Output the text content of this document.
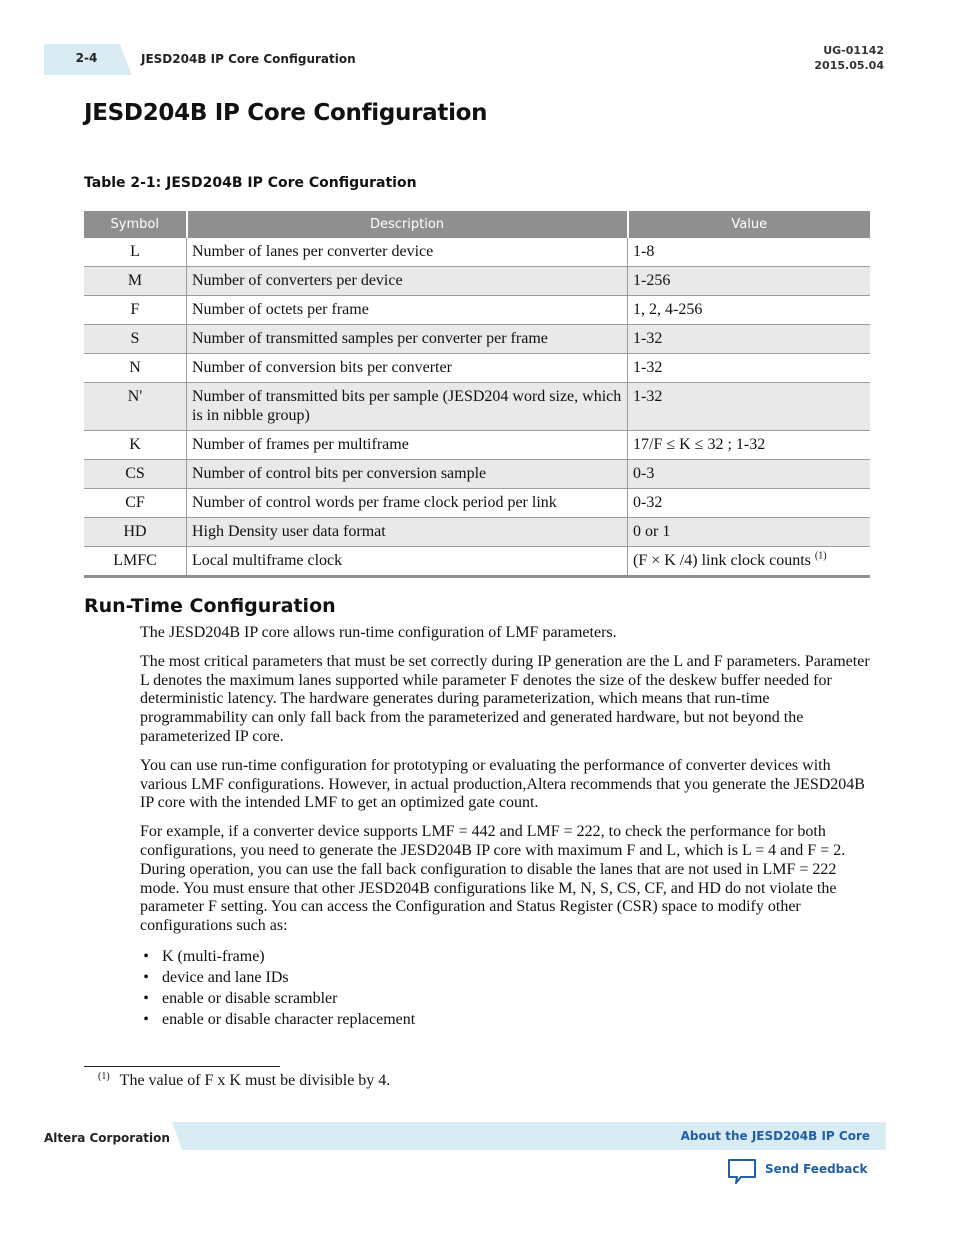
2-4	JESD204B IP Core Configuration
UG-01142
2015.05.04
JESD204B IP Core Configuration
Table 2-1: JESD204B IP Core Configuration
Symbol	Description	Value
L	Number of lanes per converter device	1-8
M	Number of converters per device	1-256
F	Number of octets per frame	1, 2, 4-256
S	Number of transmitted samples per converter per frame	1-32
N	Number of conversion bits per converter	1-32
N'	Number of transmitted bits per sample (JESD204 word size, which is in nibble group)	1-32
K	Number of frames per multiframe	17/F ≤ K ≤ 32 ; 1-32
CS	Number of control bits per conversion sample	0-3
CF	Number of control words per frame clock period per link	0-32
HD	High Density user data format	0 or 1
LMFC	Local multiframe clock	(F × K /4) link clock counts $^{(1)}$
Run-Time Configuration

The JESD204B IP core allows run-time configuration of LMF parameters.

The most critical parameters that must be set correctly during IP generation are the L and F parameters. Parameter L denotes the maximum lanes supported while parameter F denotes the size of the deskew buffer needed for deterministic latency. The hardware generates during parameterization, which means that run-time programmability can only fall back from the parameterized and generated hardware, but not beyond the parameterized IP core.

You can use run-time configuration for prototyping or evaluating the performance of converter devices with various LMF configurations. However, in actual production,Altera recommends that you generate the JESD204B IP core with the intended LMF to get an optimized gate count.

For example, if a converter device supports LMF = 442 and LMF = 222, to check the performance for both configurations, you need to generate the JESD204B IP core with maximum F and L, which is L = 4 and F = 2. During operation, you can use the fall back configuration to disable the lanes that are not used in LMF = 222 mode. You must ensure that other JESD204B configurations like M, N, S, CS, CF, and HD do not violate the parameter F setting. You can access the Configuration and Status Register (CSR) space to modify other configurations such as:

• K (multi-frame)
• device and lane IDs
• enable or disable scrambler
• enable or disable character replacement
$^{(1)}$ The value of F x K must be divisible by 4.
Altera Corporation	About the JESD204B IP Core
Send Feedback
